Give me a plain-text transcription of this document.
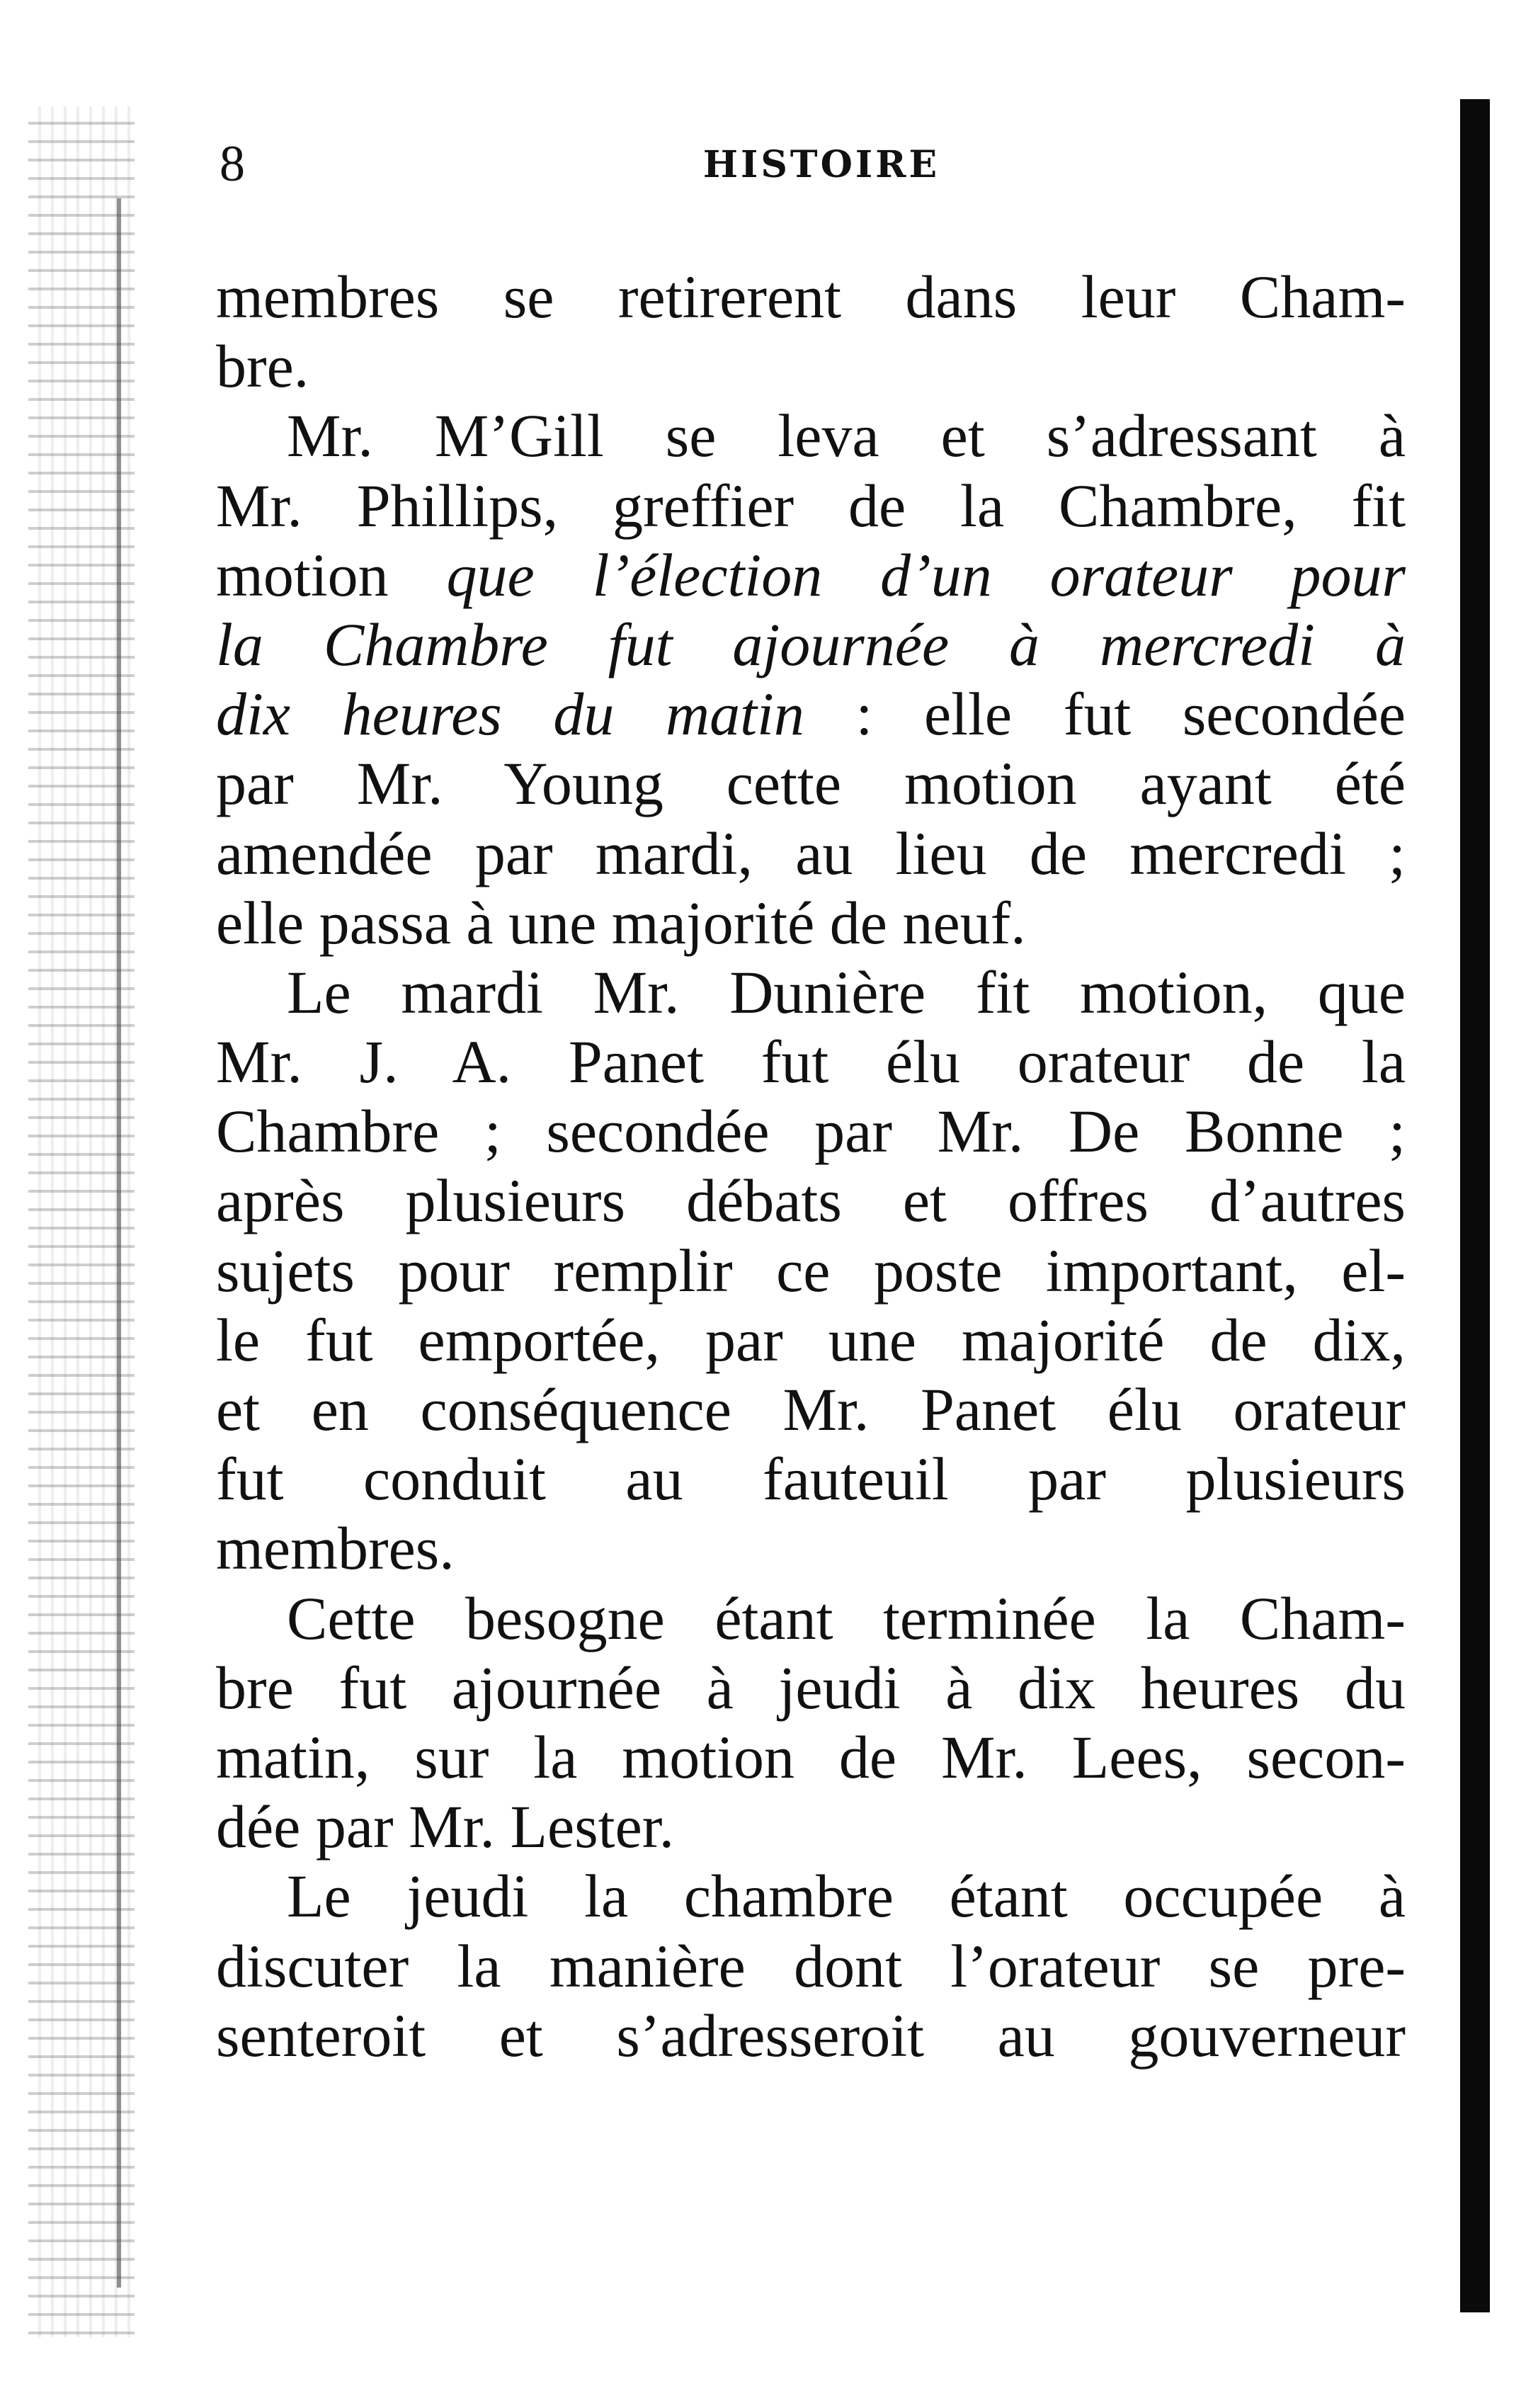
8	HISTOIRE
membres se retirerent dans leur Cham-
bre.
Mr. M’Gill se leva et s’adressant à
Mr. Phillips, greffier de la Chambre, fit
motion que l’élection d’un orateur pour
la Chambre fut ajournée à mercredi à
dix heures du matin : elle fut secondée
par Mr. Young cette motion ayant été
amendée par mardi, au lieu de mercredi ;
elle passa à une majorité de neuf.
Le mardi Mr. Dunière fit motion, que
Mr. J. A. Panet fut élu orateur de la
Chambre ; secondée par Mr. De Bonne ;
après plusieurs débats et offres d’autres
sujets pour remplir ce poste important, el-
le fut emportée, par une majorité de dix,
et en conséquence Mr. Panet élu orateur
fut conduit au fauteuil par plusieurs
membres.
Cette besogne étant terminée la Cham-
bre fut ajournée à jeudi à dix heures du
matin, sur la motion de Mr. Lees, secon-
dée par Mr. Lester.
Le jeudi la chambre étant occupée à
discuter la manière dont l’orateur se pre-
senteroit et s’adresseroit au gouverneur
